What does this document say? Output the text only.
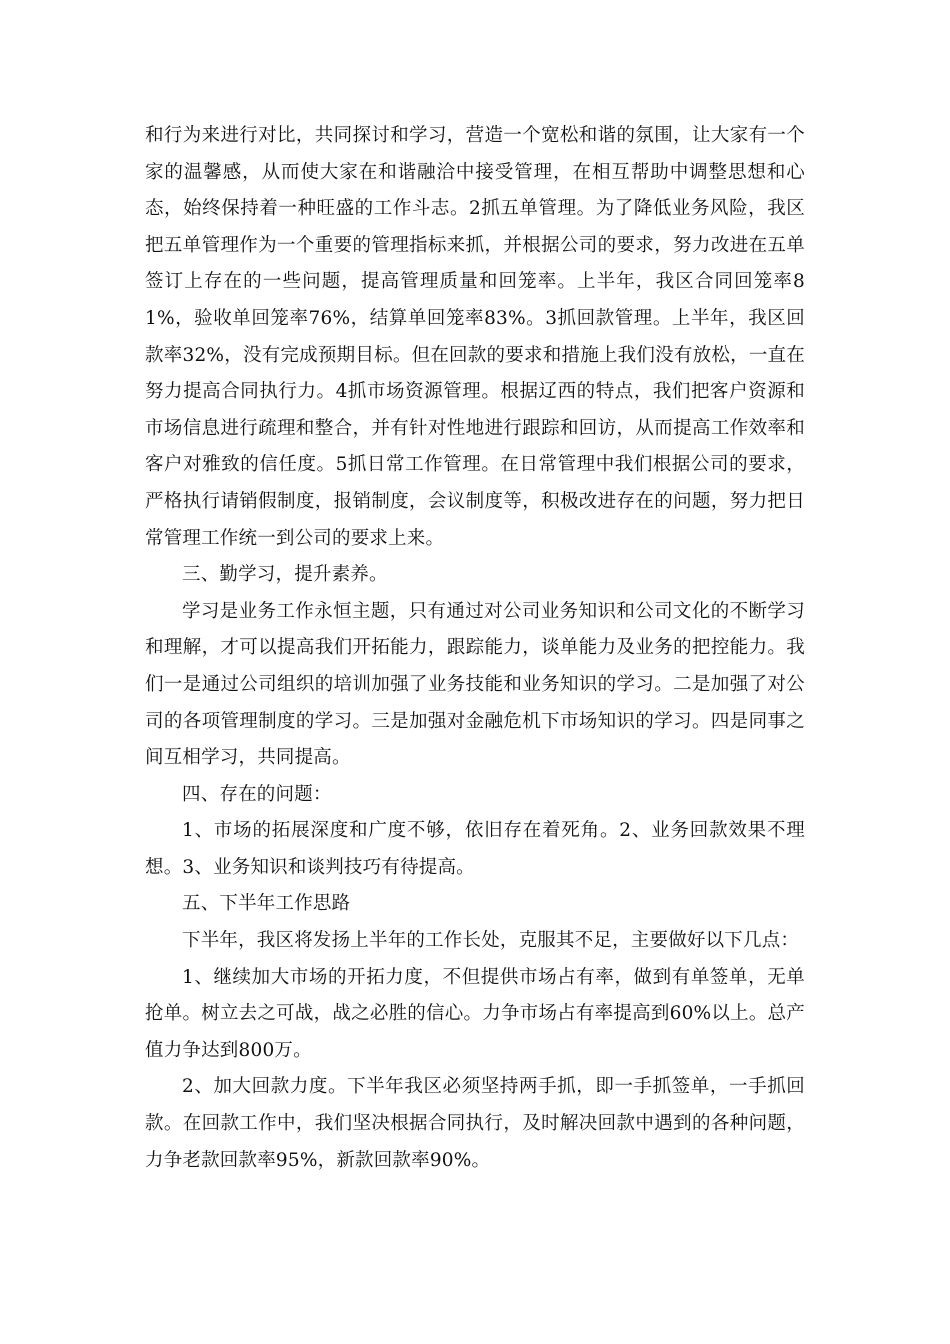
和行为来进行对比，共同探讨和学习，营造一个宽松和谐的氛围，让大家有一个家的温馨感，从而使大家在和谐融洽中接受管理，在相互帮助中调整思想和心态，始终保持着一种旺盛的工作斗志。2抓五单管理。为了降低业务风险，我区把五单管理作为一个重要的管理指标来抓，并根据公司的要求，努力改进在五单签订上存在的一些问题，提高管理质量和回笼率。上半年，我区合同回笼率81%，验收单回笼率76%，结算单回笼率83%。3抓回款管理。上半年，我区回款率32%，没有完成预期目标。但在回款的要求和措施上我们没有放松，一直在努力提高合同执行力。4抓市场资源管理。根据辽西的特点，我们把客户资源和市场信息进行疏理和整合，并有针对性地进行跟踪和回访，从而提高工作效率和客户对雅致的信任度。5抓日常工作管理。在日常管理中我们根据公司的要求，严格执行请销假制度，报销制度，会议制度等，积极改进存在的问题，努力把日常管理工作统一到公司的要求上来。

三、勤学习，提升素养。

学习是业务工作永恒主题，只有通过对公司业务知识和公司文化的不断学习和理解，才可以提高我们开拓能力，跟踪能力，谈单能力及业务的把控能力。我们一是通过公司组织的培训加强了业务技能和业务知识的学习。二是加强了对公司的各项管理制度的学习。三是加强对金融危机下市场知识的学习。四是同事之间互相学习，共同提高。

四、存在的问题：

1、市场的拓展深度和广度不够，依旧存在着死角。2、业务回款效果不理想。3、业务知识和谈判技巧有待提高。

五、下半年工作思路

下半年，我区将发扬上半年的工作长处，克服其不足，主要做好以下几点：

1、继续加大市场的开拓力度，不但提供市场占有率，做到有单签单，无单抢单。树立去之可战，战之必胜的信心。力争市场占有率提高到60%以上。总产值力争达到800万。

2、加大回款力度。下半年我区必须坚持两手抓，即一手抓签单，一手抓回款。在回款工作中，我们坚决根据合同执行，及时解决回款中遇到的各种问题，力争老款回款率95%，新款回款率90%。
